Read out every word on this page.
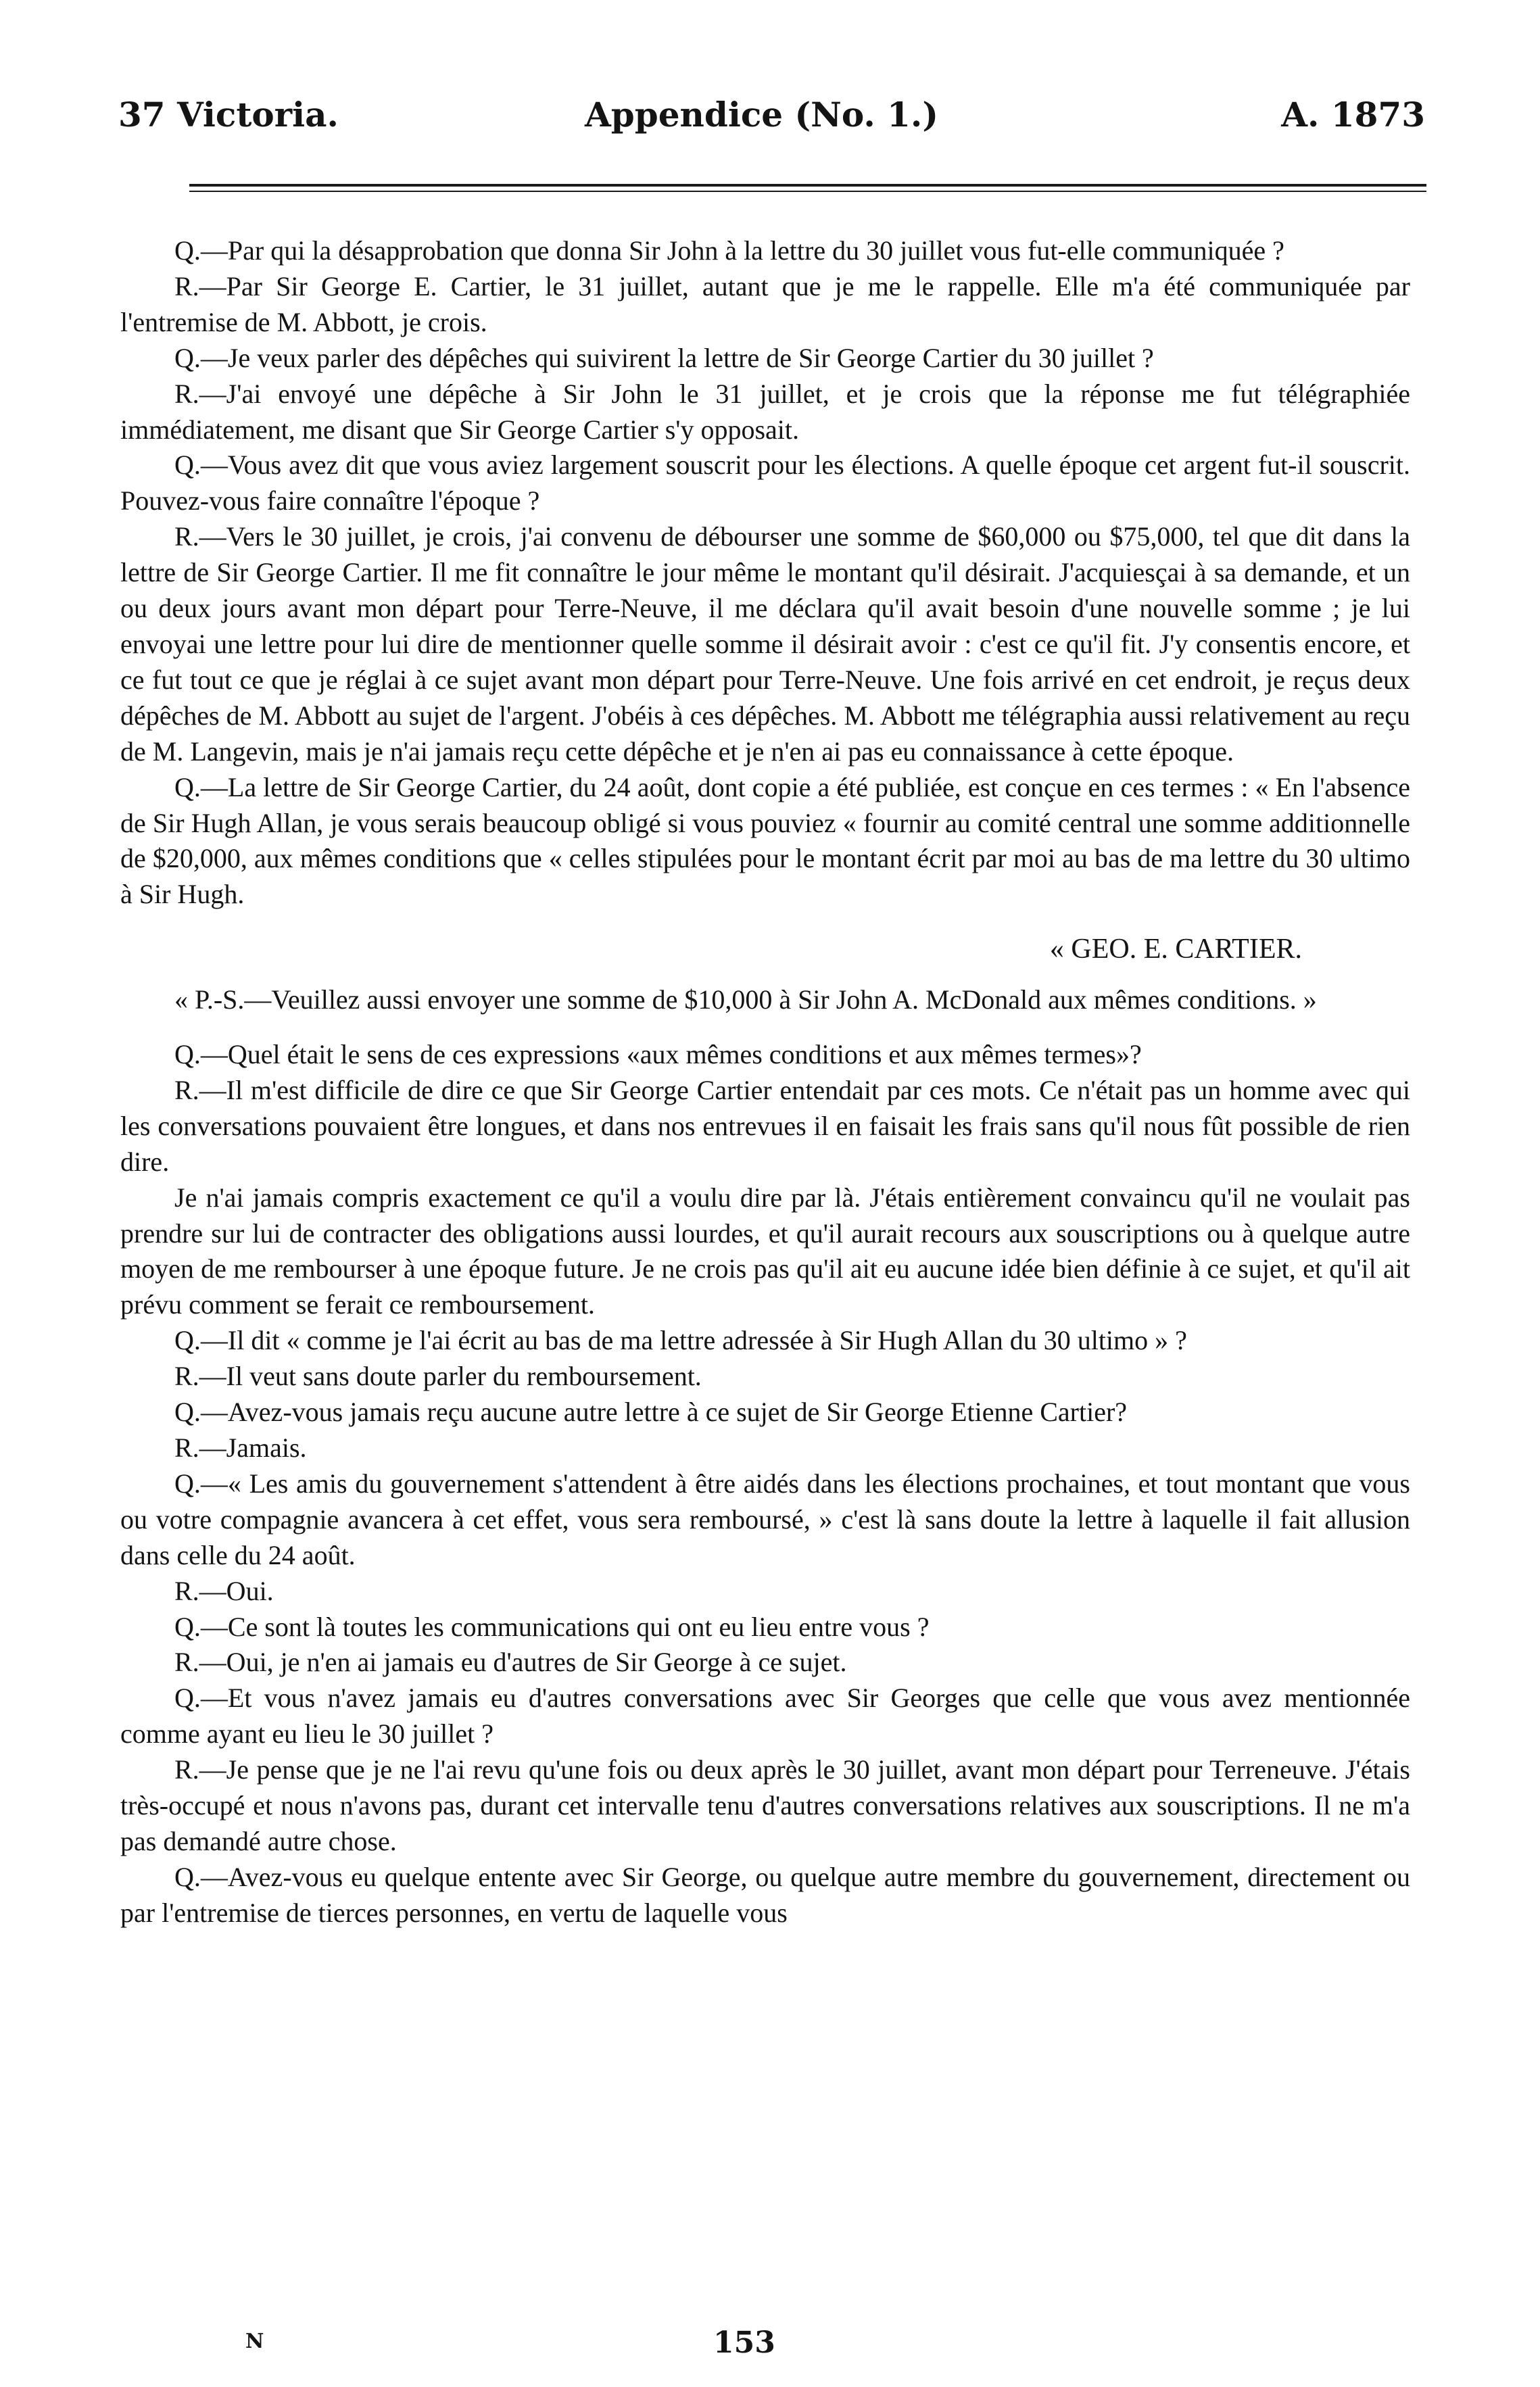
37 Victoria.	Appendice (No. 1.)	A. 1873

Q.—Par qui la désapprobation que donna Sir John à la lettre du 30 juillet vous fut-elle communiquée ?

R.—Par Sir George E. Cartier, le 31 juillet, autant que je me le rappelle. Elle m'a été communiquée par l'entremise de M. Abbott, je crois.

Q.—Je veux parler des dépêches qui suivirent la lettre de Sir George Cartier du 30 juillet ?

R.—J'ai envoyé une dépêche à Sir John le 31 juillet, et je crois que la réponse me fut télégraphiée immédiatement, me disant que Sir George Cartier s'y opposait.

Q.—Vous avez dit que vous aviez largement souscrit pour les élections. A quelle époque cet argent fut-il souscrit. Pouvez-vous faire connaître l'époque ?

R.—Vers le 30 juillet, je crois, j'ai convenu de débourser une somme de $60,000 ou $75,000, tel que dit dans la lettre de Sir George Cartier. Il me fit connaître le jour même le montant qu'il désirait. J'acquiesçai à sa demande, et un ou deux jours avant mon départ pour Terre-Neuve, il me déclara qu'il avait besoin d'une nouvelle somme ; je lui envoyai une lettre pour lui dire de mentionner quelle somme il désirait avoir : c'est ce qu'il fit. J'y consentis encore, et ce fut tout ce que je réglai à ce sujet avant mon départ pour Terre-Neuve. Une fois arrivé en cet endroit, je reçus deux dépêches de M. Abbott au sujet de l'argent. J'obéis à ces dépêches. M. Abbott me télégraphia aussi relativement au reçu de M. Langevin, mais je n'ai jamais reçu cette dépêche et je n'en ai pas eu connaissance à cette époque.

Q.—La lettre de Sir George Cartier, du 24 août, dont copie a été publiée, est conçue en ces termes : « En l'absence de Sir Hugh Allan, je vous serais beaucoup obligé si vous pouviez « fournir au comité central une somme additionnelle de $20,000, aux mêmes conditions que « celles stipulées pour le montant écrit par moi au bas de ma lettre du 30 ultimo à Sir Hugh.

« GEO. E. CARTIER.

« P.-S.—Veuillez aussi envoyer une somme de $10,000 à Sir John A. McDonald aux mêmes conditions. »

Q.—Quel était le sens de ces expressions «aux mêmes conditions et aux mêmes termes»?

R.—Il m'est difficile de dire ce que Sir George Cartier entendait par ces mots. Ce n'était pas un homme avec qui les conversations pouvaient être longues, et dans nos entrevues il en faisait les frais sans qu'il nous fût possible de rien dire.

Je n'ai jamais compris exactement ce qu'il a voulu dire par là. J'étais entièrement convaincu qu'il ne voulait pas prendre sur lui de contracter des obligations aussi lourdes, et qu'il aurait recours aux souscriptions ou à quelque autre moyen de me rembourser à une époque future. Je ne crois pas qu'il ait eu aucune idée bien définie à ce sujet, et qu'il ait prévu comment se ferait ce remboursement.

Q.—Il dit « comme je l'ai écrit au bas de ma lettre adressée à Sir Hugh Allan du 30 ultimo » ?

R.—Il veut sans doute parler du remboursement.

Q.—Avez-vous jamais reçu aucune autre lettre à ce sujet de Sir George Etienne Cartier?

R.—Jamais.

Q.—« Les amis du gouvernement s'attendent à être aidés dans les élections prochaines, et tout montant que vous ou votre compagnie avancera à cet effet, vous sera remboursé, » c'est là sans doute la lettre à laquelle il fait allusion dans celle du 24 août.

R.—Oui.

Q.—Ce sont là toutes les communications qui ont eu lieu entre vous ?

R.—Oui, je n'en ai jamais eu d'autres de Sir George à ce sujet.

Q.—Et vous n'avez jamais eu d'autres conversations avec Sir Georges que celle que vous avez mentionnée comme ayant eu lieu le 30 juillet ?

R.—Je pense que je ne l'ai revu qu'une fois ou deux après le 30 juillet, avant mon départ pour Terreneuve. J'étais très-occupé et nous n'avons pas, durant cet intervalle tenu d'autres conversations relatives aux souscriptions. Il ne m'a pas demandé autre chose.

Q.—Avez-vous eu quelque entente avec Sir George, ou quelque autre membre du gouvernement, directement ou par l'entremise de tierces personnes, en vertu de laquelle vous

N	153
